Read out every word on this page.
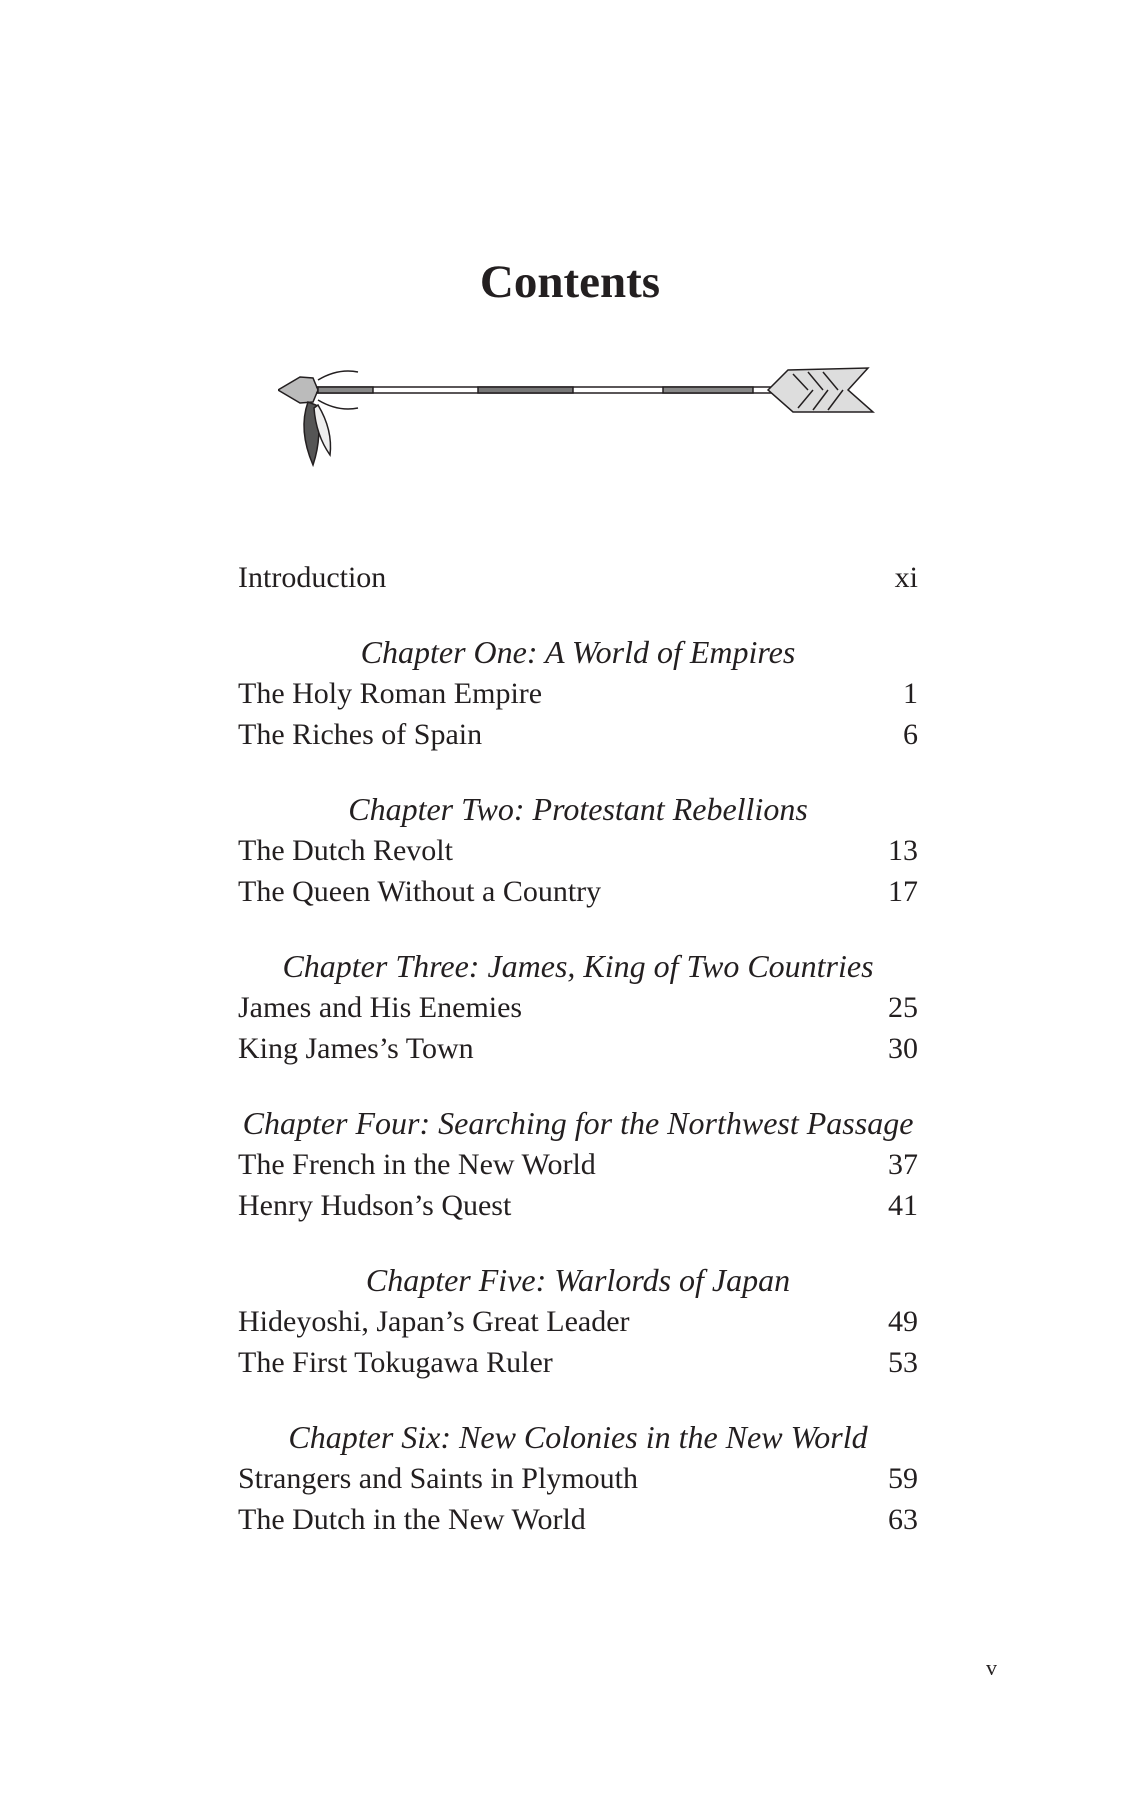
Contents
Introduction	xi
Chapter One: A World of Empires
The Holy Roman Empire	1
The Riches of Spain	6
Chapter Two: Protestant Rebellions
The Dutch Revolt	13
The Queen Without a Country	17
Chapter Three: James, King of Two Countries
James and His Enemies	25
King James’s Town	30
Chapter Four: Searching for the Northwest Passage
The French in the New World	37
Henry Hudson’s Quest	41
Chapter Five: Warlords of Japan
Hideyoshi, Japan’s Great Leader	49
The First Tokugawa Ruler	53
Chapter Six: New Colonies in the New World
Strangers and Saints in Plymouth	59
The Dutch in the New World	63
v
